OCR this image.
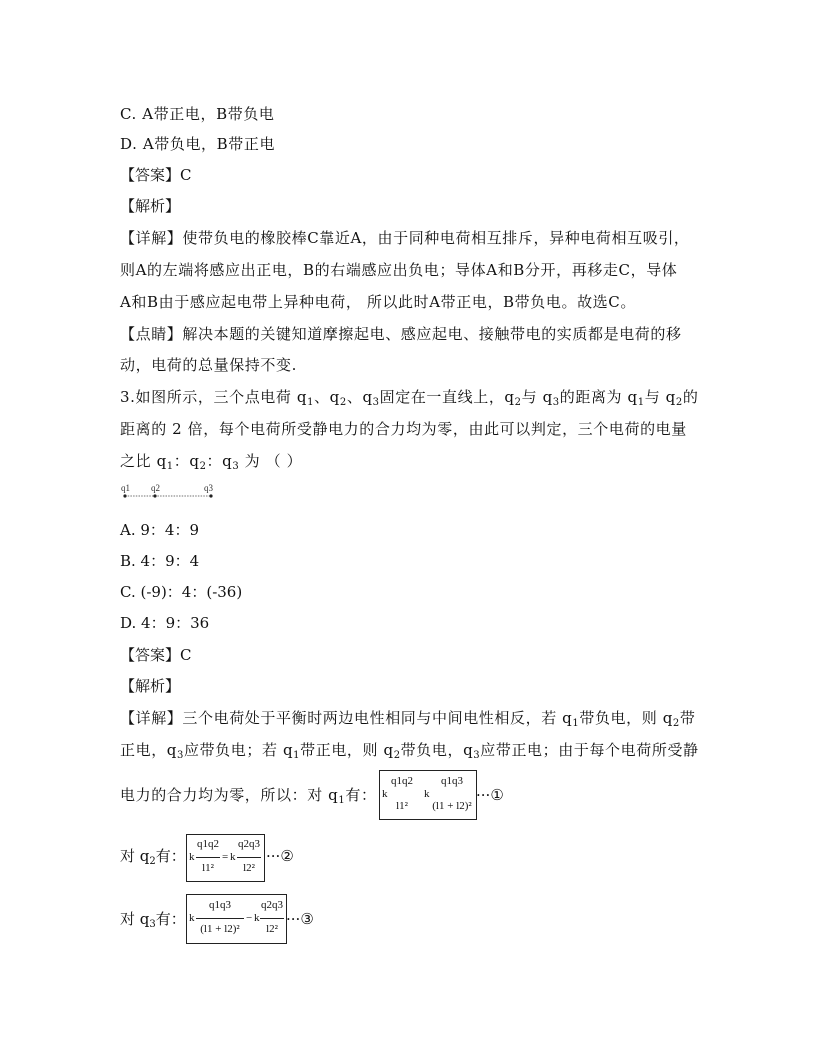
C. A带正电，B带负电
D. A带负电，B带正电
【答案】C
【解析】
【详解】使带负电的橡胶棒C靠近A，由于同种电荷相互排斥，异种电荷相互吸引，
则A的左端将感应出正电，B的右端感应出负电；导体A和B分开，再移走C，导体
A和B由于感应起电带上异种电荷， 所以此时A带正电，B带负电。故选C。
【点睛】解决本题的关键知道摩擦起电、感应起电、接触带电的实质都是电荷的移
动，电荷的总量保持不变.
3.如图所示，三个点电荷 $q_1$、$q_2$、$q_3$固定在一直线上，$q_2$与 $q_3$的距离为 $q_1$与 $q_2$的
距离的 2 倍，每个电荷所受静电力的合力均为零，由此可以判定，三个电荷的电量
之比 $q_1$：$q_2$：$q_3$ 为 （ ）
q1 q2	q3
A. 9：4：9
B. 4：9：4
C. (-9)：4：(-36)
D. 4：9：36
【答案】C
【解析】
【详解】三个电荷处于平衡时两边电性相同与中间电性相反，若 $q_1$带负电，则 $q_2$带
正电，$q_3$应带负电；若 $q_1$带正电，则 $q_2$带负电，$q_3$应带正电；由于每个电荷所受静
电力的合力均为零，所以：对 $q_1$有： k
q1q2
l1²
k
q1q3
(l1 + l2)²
···①
对 $q_2$有： k
q1q2
l1²
= k
q2q3
l2²
···②
对 $q_3$有： k
q1q3
(l1 + l2)²
− k
q2q3
l2²
···③
